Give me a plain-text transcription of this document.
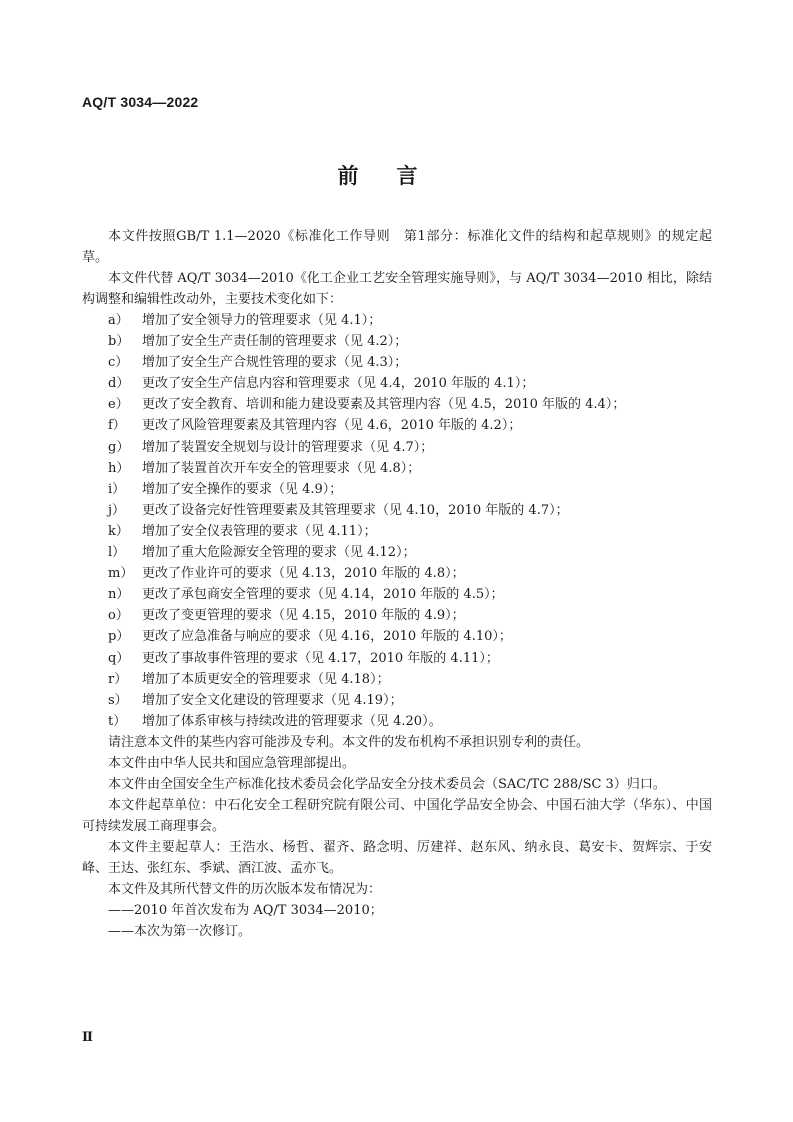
AQ/T 3034—2022
前言

本文件按照GB/T 1.1—2020《标准化工作导则　第1部分：标准化文件的结构和起草规则》的规定起草。

本文件代替 AQ/T 3034—2010《化工企业工艺安全管理实施导则》，与 AQ/T 3034—2010 相比，除结构调整和编辑性改动外，主要技术变化如下：

a） 增加了安全领导力的管理要求（见 4.1）；
b） 增加了安全生产责任制的管理要求（见 4.2）；
c） 增加了安全生产合规性管理的要求（见 4.3）；
d） 更改了安全生产信息内容和管理要求（见 4.4，2010 年版的 4.1）；
e） 更改了安全教育、培训和能力建设要素及其管理内容（见 4.5，2010 年版的 4.4）；
f） 更改了风险管理要素及其管理内容（见 4.6，2010 年版的 4.2）；
g） 增加了装置安全规划与设计的管理要求（见 4.7）；
h） 增加了装置首次开车安全的管理要求（见 4.8）；
i） 增加了安全操作的要求（见 4.9）；
j） 更改了设备完好性管理要素及其管理要求（见 4.10，2010 年版的 4.7）；
k） 增加了安全仪表管理的要求（见 4.11）；
l） 增加了重大危险源安全管理的要求（见 4.12）；
m） 更改了作业许可的要求（见 4.13，2010 年版的 4.8）；
n） 更改了承包商安全管理的要求（见 4.14，2010 年版的 4.5）；
o） 更改了变更管理的要求（见 4.15，2010 年版的 4.9）；
p） 更改了应急准备与响应的要求（见 4.16，2010 年版的 4.10）；
q） 更改了事故事件管理的要求（见 4.17，2010 年版的 4.11）；
r） 增加了本质更安全的管理要求（见 4.18）；
s） 增加了安全文化建设的管理要求（见 4.19）；
t） 增加了体系审核与持续改进的管理要求（见 4.20）。

请注意本文件的某些内容可能涉及专利。本文件的发布机构不承担识别专利的责任。

本文件由中华人民共和国应急管理部提出。

本文件由全国安全生产标准化技术委员会化学品安全分技术委员会（SAC/TC 288/SC 3）归口。

本文件起草单位：中石化安全工程研究院有限公司、中国化学品安全协会、中国石油大学（华东）、中国可持续发展工商理事会。

本文件主要起草人：王浩水、杨哲、翟齐、路念明、厉建祥、赵东风、纳永良、葛安卡、贺辉宗、于安峰、王达、张红东、季斌、酒江波、孟亦飞。

本文件及其所代替文件的历次版本发布情况为：

——2010 年首次发布为 AQ/T 3034—2010；

——本次为第一次修订。

Ⅱ
